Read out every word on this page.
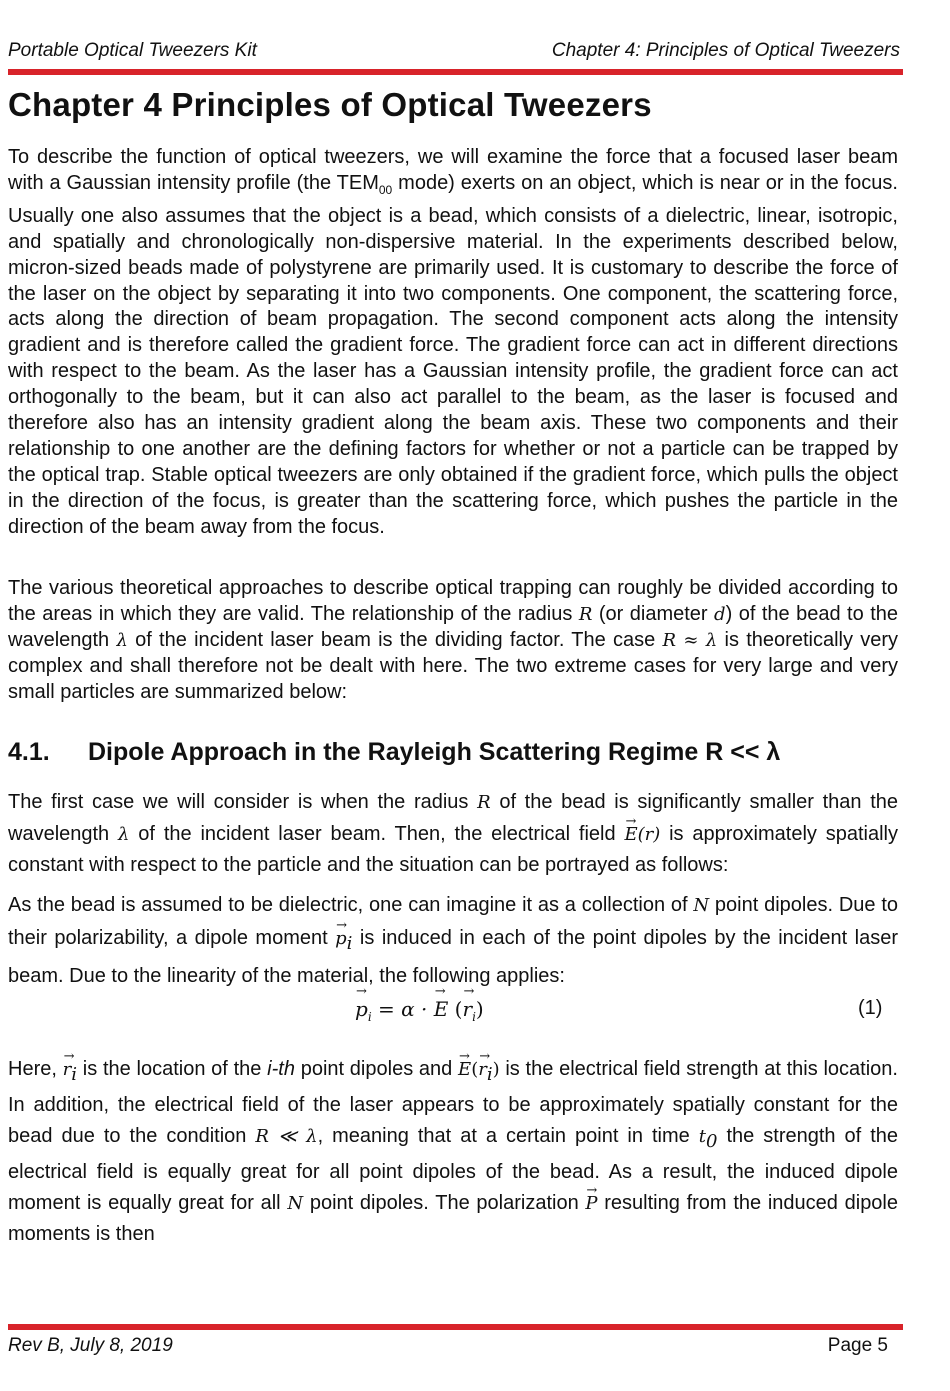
Portable Optical Tweezers Kit	Chapter 4: Principles of Optical Tweezers
Chapter 4 Principles of Optical Tweezers

To describe the function of optical tweezers, we will examine the force that a focused laser beam with a Gaussian intensity profile (the $TEM_{00}$ mode) exerts on an object, which is near or in the focus. Usually one also assumes that the object is a bead, which consists of a dielectric, linear, isotropic, and spatially and chronologically non-dispersive material. In the experiments described below, micron-sized beads made of polystyrene are primarily used. It is customary to describe the force of the laser on the object by separating it into two components. One component, the scattering force, acts along the direction of beam propagation. The second component acts along the intensity gradient and is therefore called the gradient force. The gradient force can act in different directions with respect to the beam. As the laser has a Gaussian intensity profile, the gradient force can act orthogonally to the beam, but it can also act parallel to the beam, as the laser is focused and therefore also has an intensity gradient along the beam axis. These two components and their relationship to one another are the defining factors for whether or not a particle can be trapped by the optical trap. Stable optical tweezers are only obtained if the gradient force, which pulls the object in the direction of the focus, is greater than the scattering force, which pushes the particle in the direction of the beam away from the focus.

The various theoretical approaches to describe optical trapping can roughly be divided according to the areas in which they are valid. The relationship of the radius R (or diameter d) of the bead to the wavelength λ of the incident laser beam is the dividing factor. The case R ≈ λ is theoretically very complex and shall therefore not be dealt with here. The two extreme cases for very large and very small particles are summarized below:

4.1. Dipole Approach in the Rayleigh Scattering Regime R << λ

The first case we will consider is when the radius R of the bead is significantly smaller than the wavelength λ of the incident laser beam. Then, the electrical field → E(r) is approximately spatially constant with respect to the particle and the situation can be portrayed as follows:

As the bead is assumed to be dielectric, one can imagine it as a collection of N point dipoles. Due to their polarizability, a dipole moment → $p_i$ is induced in each of the point dipoles by the incident laser beam. Due to the linearity of the material, the following applies:

→ $p_i = \alpha$ · → E (→ $r_i$)	(1)

Here, → $r_i$ is the location of the i-th point dipoles and → $E(\to r_i)$ is the electrical field strength at this location. In addition, the electrical field of the laser appears to be approximately spatially constant for the bead due to the condition R ≪ λ, meaning that at a certain point in time $t_0$ the strength of the electrical field is equally great for all point dipoles of the bead. As a result, the induced dipole moment is equally great for all N point dipoles. The polarization → P resulting from the induced dipole moments is then

Rev B, July 8, 2019	Page 5
